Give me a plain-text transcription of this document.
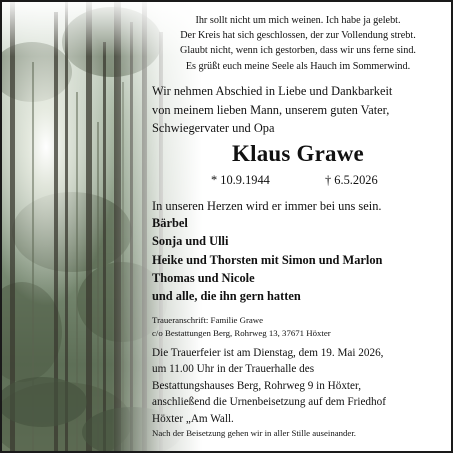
Ihr sollt nicht um mich weinen. Ich habe ja gelebt.
Der Kreis hat sich geschlossen, der zur Vollendung strebt.
Glaubt nicht, wenn ich gestorben, dass wir uns ferne sind.
Es grüßt euch meine Seele als Hauch im Sommerwind.
Wir nehmen Abschied in Liebe und Dankbarkeit
von meinem lieben Mann, unserem guten Vater,
Schwiegervater und Opa
Klaus Grawe
* 10.9.1944	† 6.5.2026
In unseren Herzen wird er immer bei uns sein.
Bärbel
Sonja und Ulli
Heike und Thorsten mit Simon und Marlon
Thomas und Nicole
und alle, die ihn gern hatten
Traueranschrift: Familie Grawe
c/o Bestattungen Berg, Rohrweg 13, 37671 Höxter
Die Trauerfeier ist am Dienstag, dem 19. Mai 2026,
um 11.00 Uhr in der Trauerhalle des
Bestattungshauses Berg, Rohrweg 9 in Höxter,
anschließend die Urnenbeisetzung auf dem Friedhof
Höxter „Am Wall.
Nach der Beisetzung gehen wir in aller Stille auseinander.
